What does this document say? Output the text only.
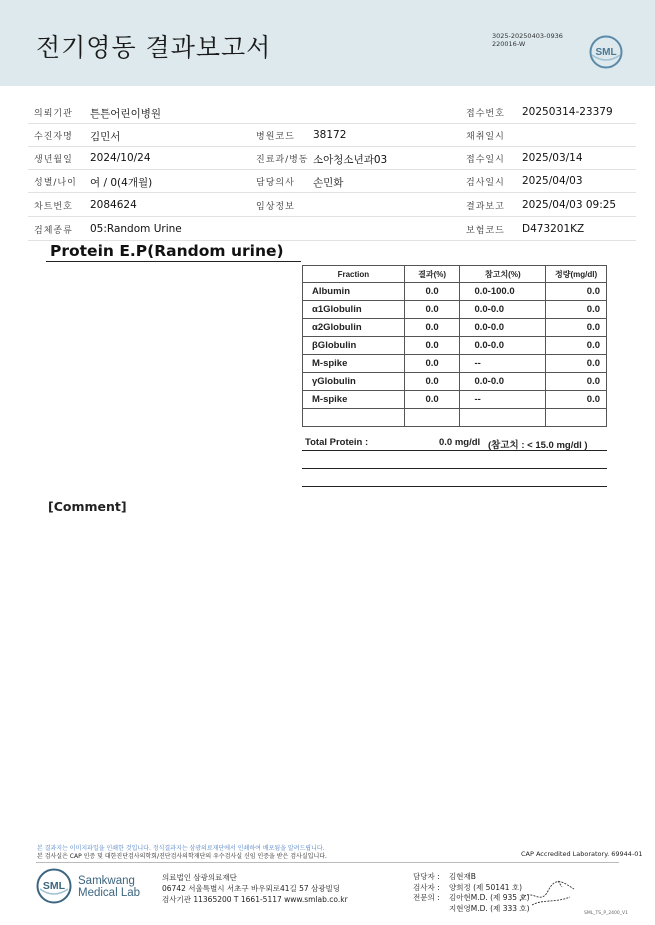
전기영동 결과보고서	3025-20250403-0936
220016-W
SML
의뢰기관 튼튼어린이병원	접수번호 20250314-23379
수진자명 김민서	병원코드 38172	채취일시
생년월일 2024/10/24	진료과/병동 소아청소년과03	접수일시 2025/03/14
성별/나이 여 / 0(4개월)	담당의사 손민화	검사일시 2025/04/03
차트번호 2084624	임상정보	결과보고 2025/04/03 09:25
검체종류 05:Random Urine	보험코드 D473201KZ
Protein E.P(Random urine)
Fraction	결과(%)	참고치(%)	정량(mg/dl)
Albumin	0.0	0.0-100.0	0.0
α1Globulin	0.0	0.0-0.0	0.0
α2Globulin	0.0	0.0-0.0	0.0
βGlobulin	0.0	0.0-0.0	0.0
M-spike	0.0	--	0.0
γGlobulin	0.0	0.0-0.0	0.0
M-spike	0.0	--	0.0

Total Protein :	0.0 mg/dl (참고치 : < 15.0 mg/dl )
[Comment]
본 결과지는 이미지파일을 인쇄한 것입니다. 정식결과지는 삼광의료재단에서 인쇄하여 배포됨을 알려드립니다.
본 검사실은 CAP 인증 및 대한진단검사의학회/진단검사의학재단의 우수검사실 신임 인증을 받은 검사실입니다.	CAP Accredited Laboratory. 69944-01
SML Samkwang
Medical Lab
의료법인 삼광의료재단
06742 서울특별시 서초구 바우뫼로41길 57 삼광빌딩
검사기관 11365200 T 1661-5117 www.smlab.co.kr
담당자 : 김현재B
검사자 : 양희정 (제 50141 호)
전문의 : 김아현M.D. (제 935 호)
지현영M.D. (제 333 호)
SML_TS_P_2400_V1
